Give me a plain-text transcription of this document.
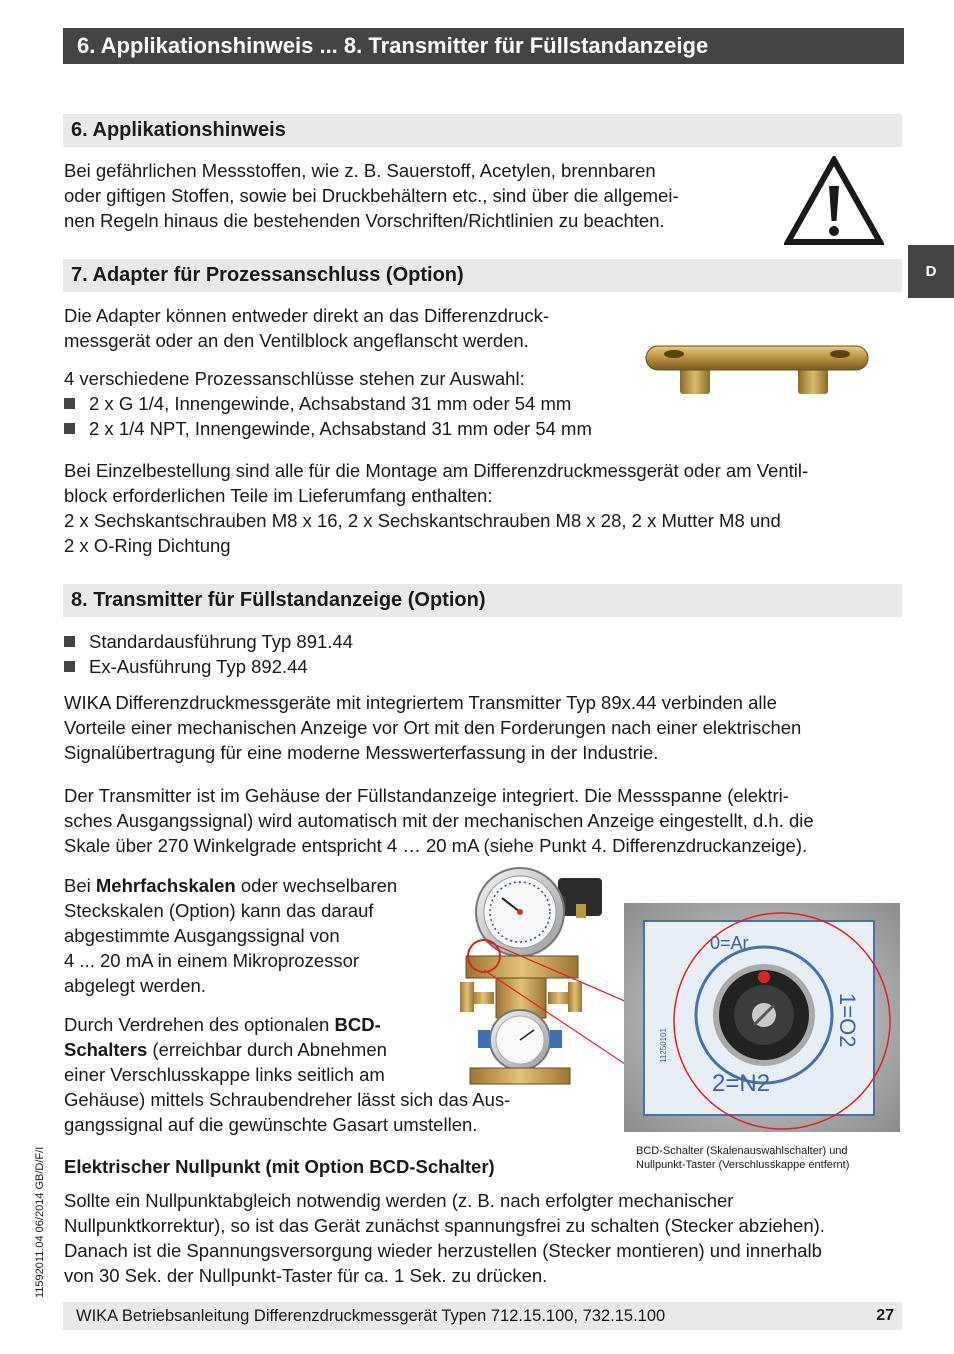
6. Applikationshinweis ... 8. Transmitter für Füllstandanzeige
D
6. Applikationshinweis
Bei gefährlichen Messstoffen, wie z. B. Sauerstoff, Acetylen, brennbaren
oder giftigen Stoffen, sowie bei Druckbehältern etc., sind über die allgemei-
nen Regeln hinaus die bestehenden Vorschriften/Richtlinien zu beachten.
7. Adapter für Prozessanschluss (Option)
Die Adapter können entweder direkt an das Differenzdruck-
messgerät oder an den Ventilblock angeflanscht werden.
4 verschiedene Prozessanschlüsse stehen zur Auswahl:
2 x G 1/4, Innengewinde, Achsabstand 31 mm oder 54 mm
2 x 1/4 NPT, Innengewinde, Achsabstand 31 mm oder 54 mm
Bei Einzelbestellung sind alle für die Montage am Differenzdruckmessgerät oder am Ventil-
block erforderlichen Teile im Lieferumfang enthalten:
2 x Sechskantschrauben M8 x 16, 2 x Sechskantschrauben M8 x 28, 2 x Mutter M8 und
2 x O-Ring Dichtung
8. Transmitter für Füllstandanzeige (Option)
Standardausführung Typ 891.44
Ex-Ausführung Typ 892.44
WIKA Differenzdruckmessgeräte mit integriertem Transmitter Typ 89x.44 verbinden alle
Vorteile einer mechanischen Anzeige vor Ort mit den Forderungen nach einer elektrischen
Signalübertragung für eine moderne Messwerterfassung in der Industrie.
Der Transmitter ist im Gehäuse der Füllstandanzeige integriert. Die Messspanne (elektri-
sches Ausgangssignal) wird automatisch mit der mechanischen Anzeige eingestellt, d.h. die
Skale über 270 Winkelgrade entspricht 4 … 20 mA (siehe Punkt 4. Differenzdruckanzeige).
Bei Mehrfachskalen oder wechselbaren
Steckskalen (Option) kann das darauf
abgestimmte Ausgangssignal von
4 ... 20 mA in einem Mikroprozessor
abgelegt werden.
Durch Verdrehen des optionalen BCD-
Schalters (erreichbar durch Abnehmen
einer Verschlusskappe links seitlich am
Gehäuse) mittels Schraubendreher lässt sich das Aus-
gangssignal auf die gewünschte Gasart umstellen.
0=Ar
1=O2
2=N2
11250101
BCD-Schalter (Skalenauswahlschalter) und
Nullpunkt-Taster (Verschlusskappe entfernt)
Elektrischer Nullpunkt (mit Option BCD-Schalter)
Sollte ein Nullpunktabgleich notwendig werden (z. B. nach erfolgter mechanischer
Nullpunktkorrektur), so ist das Gerät zunächst spannungsfrei zu schalten (Stecker abziehen).
Danach ist die Spannungsversorgung wieder herzustellen (Stecker montieren) und innerhalb
von 30 Sek. der Nullpunkt-Taster für ca. 1 Sek. zu drücken.
11592011.04 06/2014 GB/D/F/I
WIKA Betriebsanleitung Differenzdruckmessgerät Typen 712.15.100, 732.15.100	27
